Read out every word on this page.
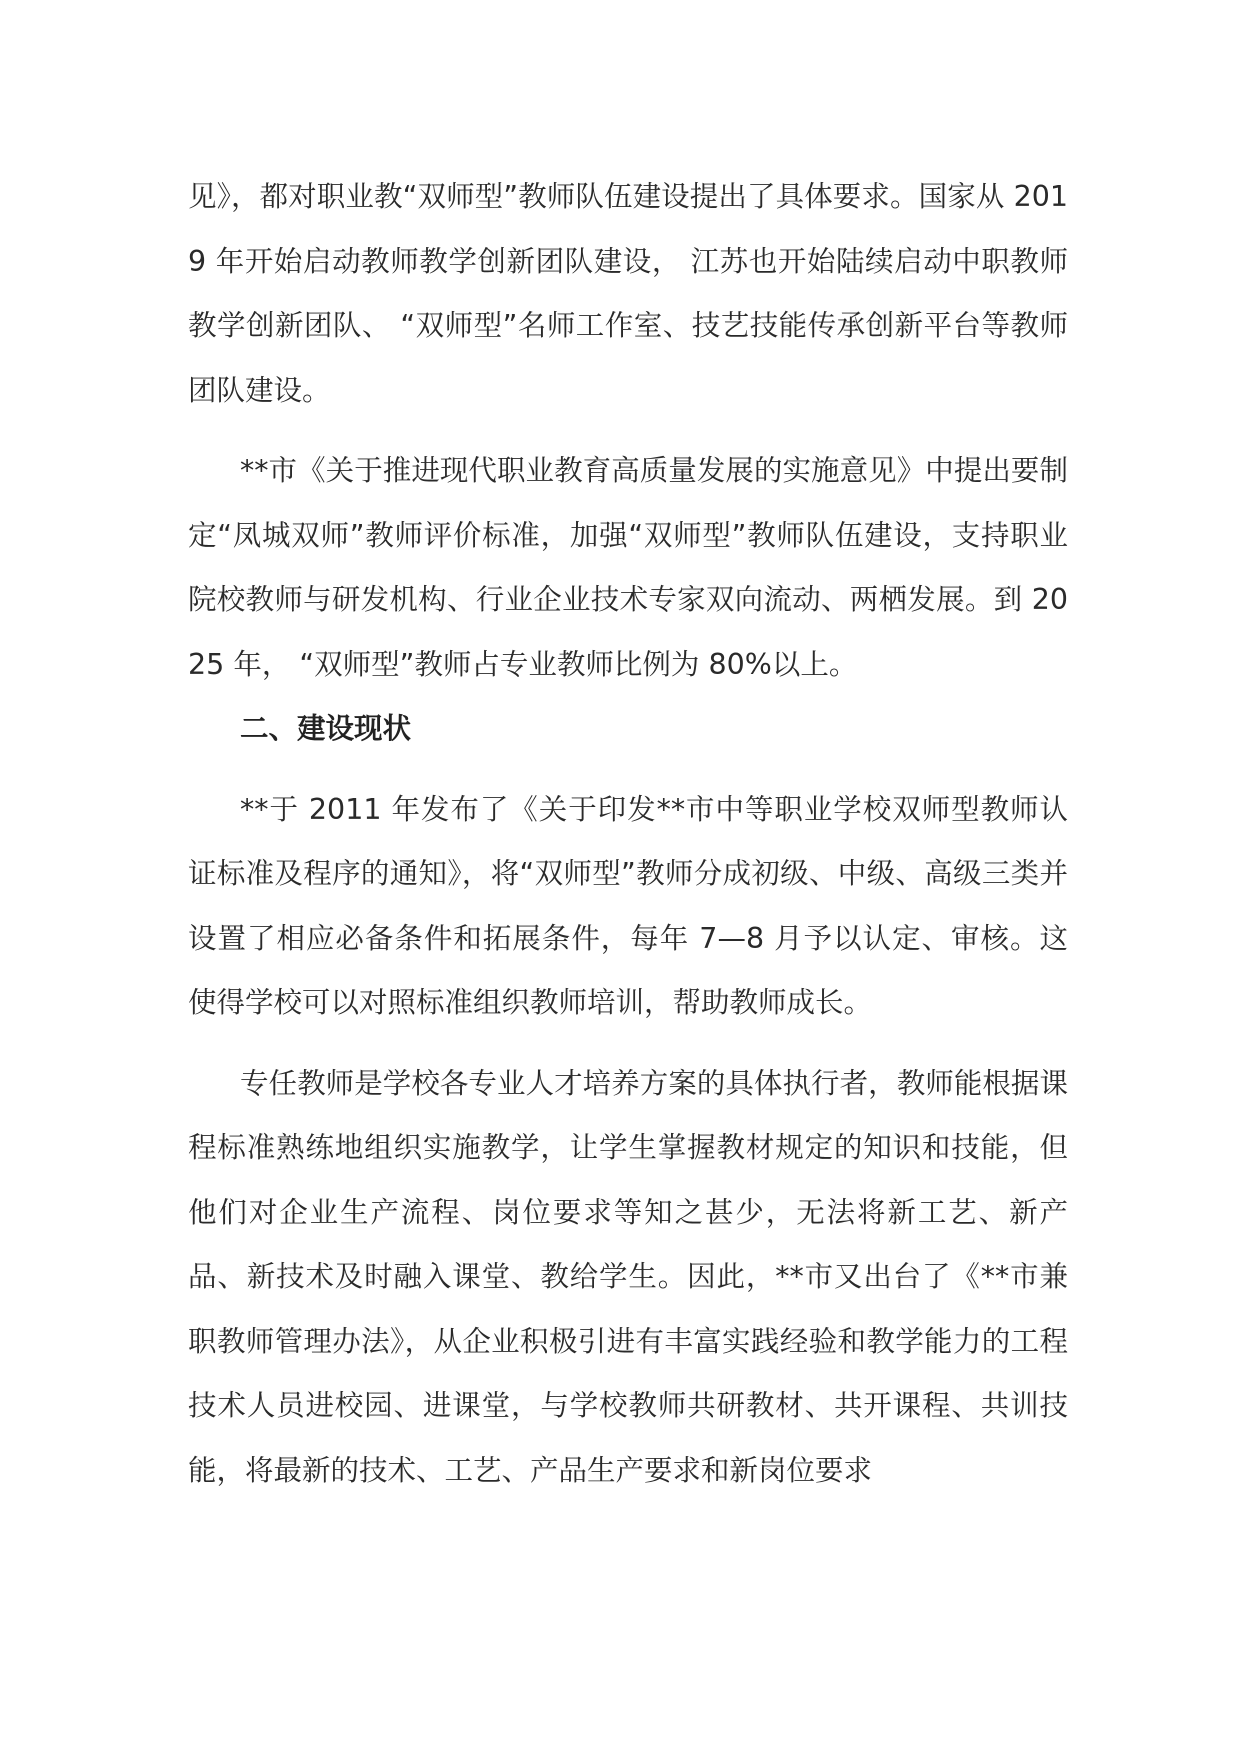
见》，都对职业教“双师型”教师队伍建设提出了具体要求。国家从 2019 年开始启动教师教学创新团队建设， 江苏也开始陆续启动中职教师教学创新团队、 “双师型”名师工作室、技艺技能传承创新平台等教师团队建设。

**市《关于推进现代职业教育高质量发展的实施意见》中提出要制定“凤城双师”教师评价标准，加强“双师型”教师队伍建设，支持职业院校教师与研发机构、行业企业技术专家双向流动、两栖发展。到 2025 年， “双师型”教师占专业教师比例为 80%以上。

二、建设现状

**于 2011 年发布了《关于印发**市中等职业学校双师型教师认证标准及程序的通知》，将“双师型”教师分成初级、中级、高级三类并设置了相应必备条件和拓展条件，每年 7—8 月予以认定、审核。这使得学校可以对照标准组织教师培训，帮助教师成长。

专任教师是学校各专业人才培养方案的具体执行者，教师能根据课程标准熟练地组织实施教学，让学生掌握教材规定的知识和技能，但他们对企业生产流程、岗位要求等知之甚少，无法将新工艺、新产品、新技术及时融入课堂、教给学生。因此，**市又出台了《**市兼职教师管理办法》，从企业积极引进有丰富实践经验和教学能力的工程技术人员进校园、进课堂，与学校教师共研教材、共开课程、共训技能，将最新的技术、工艺、产品生产要求和新岗位要求
